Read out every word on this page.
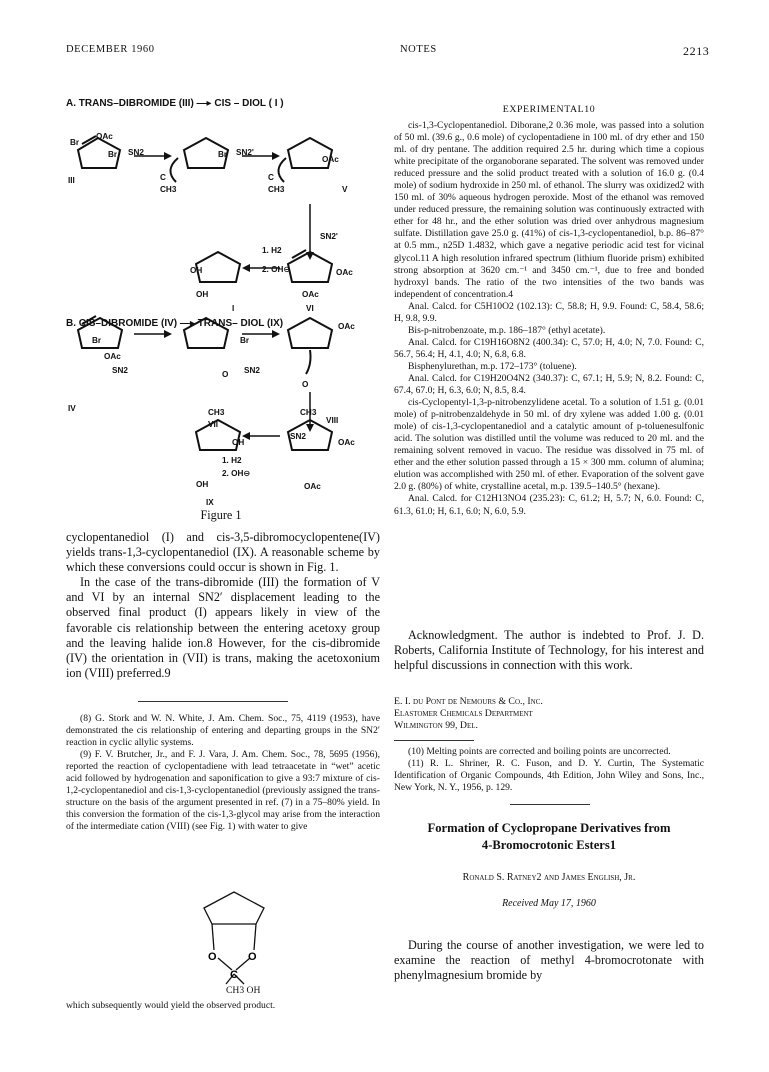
DECEMBER 1960	NOTES	2213
A. TRANS–DIBROMIDE (III) —▸ CIS – DIOL ( I )
Br
OAc
Br SN2	SN2'
Br
OAc
C	C
III
CH3	CH3	V
SN2'
1. H2
2. OH⊖
OH	OAc
OH	OAc
I	VI
B. CIS–DIBROMIDE (IV) —▸ TRANS– DIOL (IX)
Br
OAc
SN2
Br
SN2
OAc
O
O
IV	CH3	CH3
VII	VIII
SN2
OH	OAc
1. H2
2. OH⊖
OH	OAc
IX
Figure 1

cyclopentanediol (I) and cis-3,5-dibromocyclopentene(IV) yields trans-1,3-cyclopentanediol (IX). A reasonable scheme by which these conversions could occur is shown in Fig. 1.

In the case of the trans-dibromide (III) the formation of V and VI by an internal SN2′ displacement leading to the observed final product (I) appears likely in view of the favorable cis relationship between the entering acetoxy group and the leaving halide ion.8 However, for the cis-dibromide (IV) the orientation in (VII) is trans, making the acetoxonium ion (VIII) preferred.9

(8) G. Stork and W. N. White, J. Am. Chem. Soc., 75, 4119 (1953), have demonstrated the cis relationship of entering and departing groups in the SN2′ reaction in cyclic allylic systems.

(9) F. V. Brutcher, Jr., and F. J. Vara, J. Am. Chem. Soc., 78, 5695 (1956), reported the reaction of cyclopentadiene with lead tetraacetate in “wet” acetic acid followed by hydrogenation and saponification to give a 93:7 mixture of cis-1,2-cyclopentanediol and cis-1,3-cyclopentanediol (previously assigned the trans-structure on the basis of the argument presented in ref. (7) in a 75–80% yield. In this conversion the formation of the cis-1,3-glycol may arise from the interaction of the intermediate cation (VIII) (see Fig. 1) with water to give

O	O
C
CH3 OH
which subsequently would yield the observed product.
EXPERIMENTAL10

cis-1,3-Cyclopentanediol. Diborane,2 0.36 mole, was passed into a solution of 50 ml. (39.6 g., 0.6 mole) of cyclopentadiene in 100 ml. of dry ether and 150 ml. of dry pentane. The addition required 2.5 hr. during which time a copious white precipitate of the organoborane separated. The solvent was removed under reduced pressure and the solid product treated with a solution of 16.0 g. (0.4 mole) of sodium hydroxide in 250 ml. of ethanol. The slurry was oxidized2 with 150 ml. of 30% aqueous hydrogen peroxide. Most of the ethanol was removed under reduced pressure, the remaining solution was continuously extracted with ether for 48 hr., and the ether solution was dried over anhydrous magnesium sulfate. Distillation gave 25.0 g. (41%) of cis-1,3-cyclopentanediol, b.p. 86–87° at 0.5 mm., n25D 1.4832, which gave a negative periodic acid test for vicinal glycol.11 A high resolution infrared spectrum (lithium fluoride prism) exhibited strong absorption at 3620 cm.⁻¹ and 3450 cm.⁻¹, due to free and bonded hydroxyl bands. The ratio of the two intensities of the two bands was independent of concentration.4

Anal. Calcd. for C5H10O2 (102.13): C, 58.8; H, 9.9. Found: C, 58.4, 58.6; H, 9.8, 9.9.

Bis-p-nitrobenzoate, m.p. 186–187° (ethyl acetate).

Anal. Calcd. for C19H16O8N2 (400.34): C, 57.0; H, 4.0; N, 7.0. Found: C, 56.7, 56.4; H, 4.1, 4.0; N, 6.8, 6.8.

Bisphenylurethan, m.p. 172–173° (toluene).

Anal. Calcd. for C19H20O4N2 (340.37): C, 67.1; H, 5.9; N, 8.2. Found: C, 67.4, 67.0; H, 6.3, 6.0; N, 8.5, 8.4.

cis-Cyclopentyl-1,3-p-nitrobenzylidene acetal. To a solution of 1.51 g. (0.01 mole) of p-nitrobenzaldehyde in 50 ml. of dry xylene was added 1.00 g. (0.01 mole) of cis-1,3-cyclopentanediol and a catalytic amount of p-toluenesulfonic acid. The solution was distilled until the volume was reduced to 20 ml. and the remaining solvent removed in vacuo. The residue was dissolved in 75 ml. of ether and the ether solution passed through a 15 × 300 mm. column of alumina; elution was accomplished with 250 ml. of ether. Evaporation of the solvent gave 2.0 g. (80%) of white, crystalline acetal, m.p. 139.5–140.5° (hexane).

Anal. Calcd. for C12H13NO4 (235.23): C, 61.2; H, 5.7; N, 6.0. Found: C, 61.3, 61.0; H, 6.1, 6.0; N, 6.0, 5.9.

Acknowledgment. The author is indebted to Prof. J. D. Roberts, California Institute of Technology, for his interest and helpful discussions in connection with this work.

E. I. du Pont de Nemours & Co., Inc.
Elastomer Chemicals Department
Wilmington 99, Del.

(10) Melting points are corrected and boiling points are uncorrected.

(11) R. L. Shriner, R. C. Fuson, and D. Y. Curtin, The Systematic Identification of Organic Compounds, 4th Edition, John Wiley and Sons, Inc., New York, N. Y., 1956, p. 129.

Formation of Cyclopropane Derivatives from
4-Bromocrotonic Esters1
Ronald S. Ratney2 and James English, Jr.
Received May 17, 1960

During the course of another investigation, we were led to examine the reaction of methyl 4-bromocrotonate with phenylmagnesium bromide by
